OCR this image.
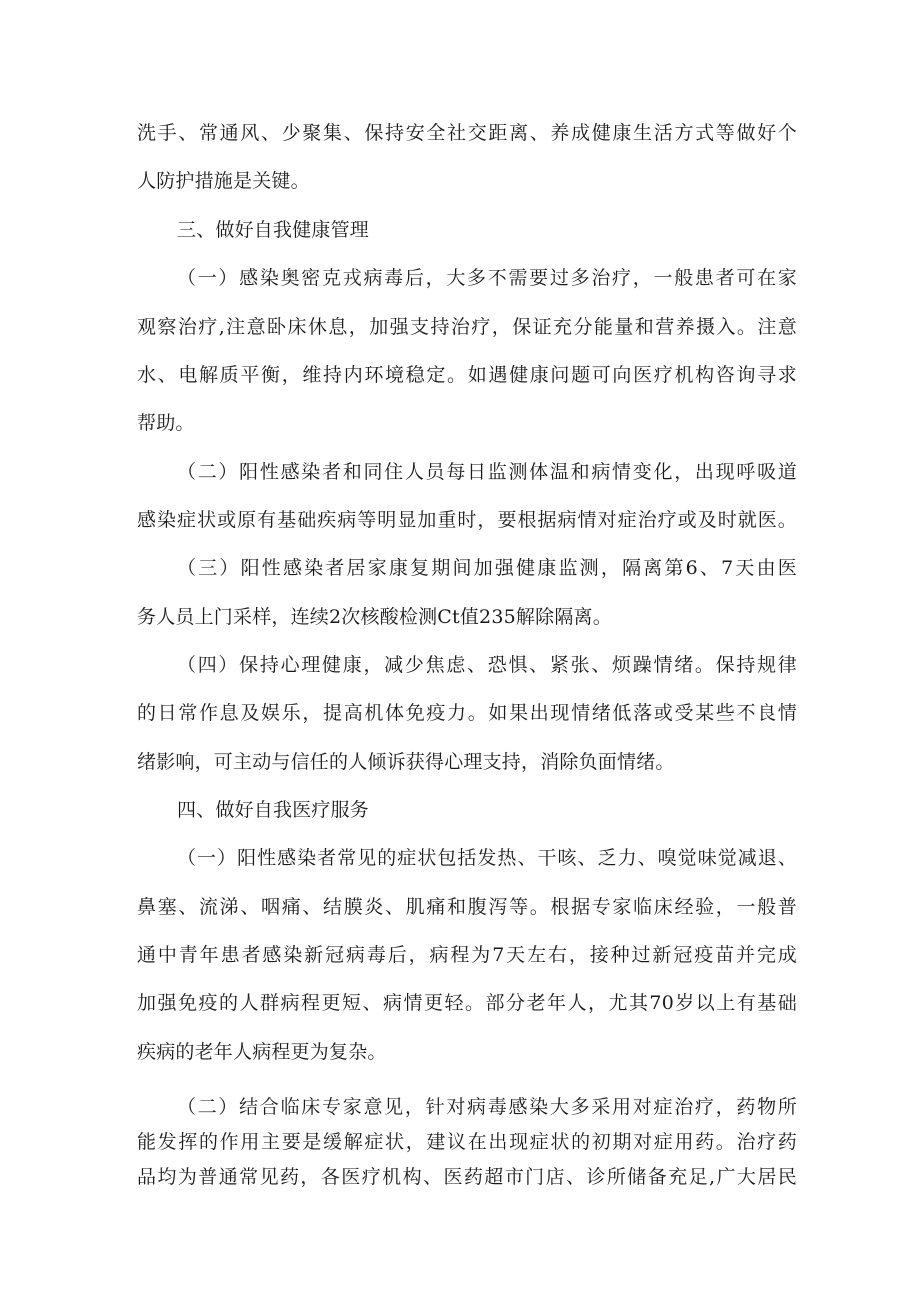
洗手、常通风、少聚集、保持安全社交距离、养成健康生活方式等做好个
人防护措施是关键。
三、做好自我健康管理
（一）感染奥密克戎病毒后，大多不需要过多治疗，一般患者可在家
观察治疗,注意卧床休息，加强支持治疗，保证充分能量和营养摄入。注意
水、电解质平衡，维持内环境稳定。如遇健康问题可向医疗机构咨询寻求
帮助。
（二）阳性感染者和同住人员每日监测体温和病情变化，出现呼吸道
感染症状或原有基础疾病等明显加重时，要根据病情对症治疗或及时就医。
（三）阳性感染者居家康复期间加强健康监测，隔离第6、7天由医
务人员上门采样，连续2次核酸检测Ct值235解除隔离。
（四）保持心理健康，减少焦虑、恐惧、紧张、烦躁情绪。保持规律
的日常作息及娱乐，提高机体免疫力。如果出现情绪低落或受某些不良情
绪影响，可主动与信任的人倾诉获得心理支持，消除负面情绪。
四、做好自我医疗服务
（一）阳性感染者常见的症状包括发热、干咳、乏力、嗅觉味觉减退、
鼻塞、流涕、咽痛、结膜炎、肌痛和腹泻等。根据专家临床经验，一般普
通中青年患者感染新冠病毒后，病程为7天左右，接种过新冠疫苗并完成
加强免疫的人群病程更短、病情更轻。部分老年人，尤其70岁以上有基础
疾病的老年人病程更为复杂。
（二）结合临床专家意见，针对病毒感染大多采用对症治疗，药物所
能发挥的作用主要是缓解症状，建议在出现症状的初期对症用药。治疗药
品均为普通常见药，各医疗机构、医药超市门店、诊所储备充足,广大居民
